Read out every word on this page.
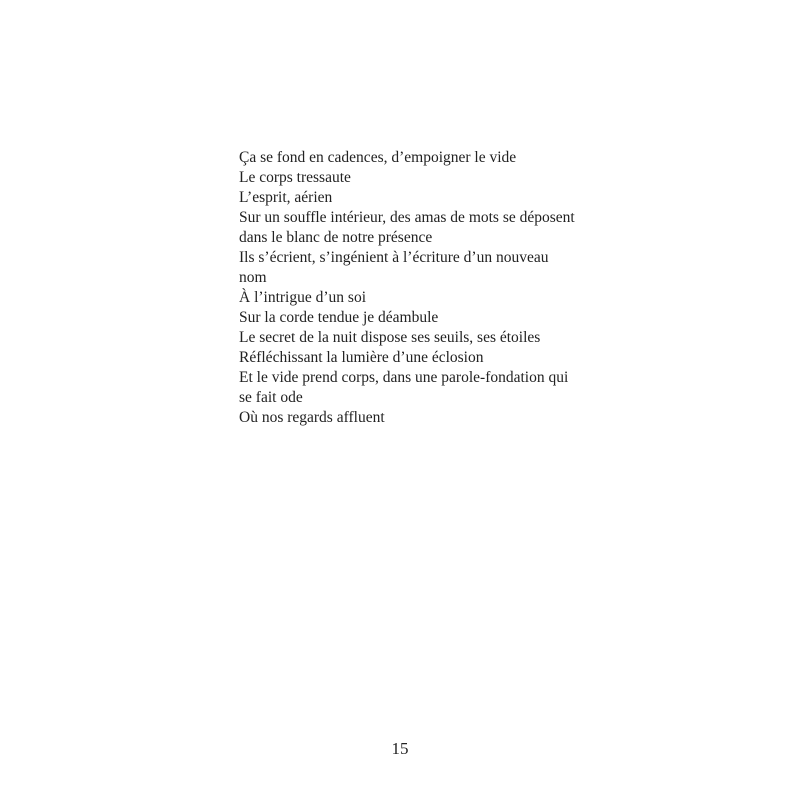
Ça se fond en cadences, d’empoigner le vide
Le corps tressaute
L’esprit, aérien
Sur un souffle intérieur, des amas de mots se déposent dans le blanc de notre présence
Ils s’écrient, s’ingénient à l’écriture d’un nouveau nom
À l’intrigue d’un soi
Sur la corde tendue je déambule
Le secret de la nuit dispose ses seuils, ses étoiles
Réfléchissant la lumière d’une éclosion
Et le vide prend corps, dans une parole-fondation qui se fait ode
Où nos regards affluent
15
